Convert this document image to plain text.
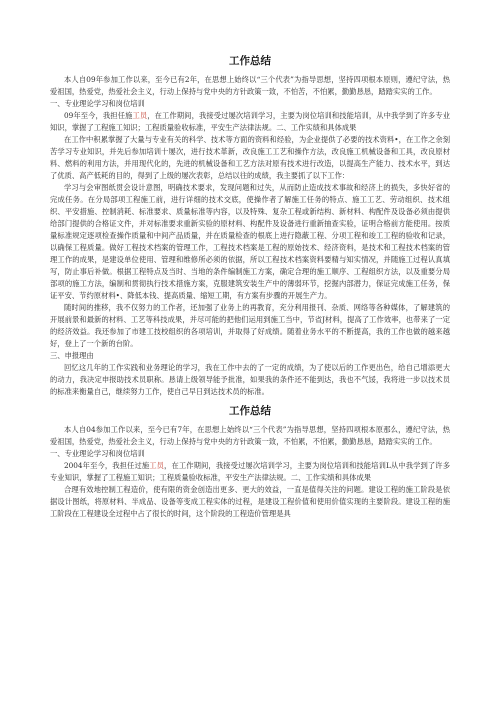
工作总结

本人自09年参加工作以来，至今已有2年，在思想上始终以“三个代表”为指导思想，坚持四项根本原则，遵纪守法，热爱祖国，热爱党，热爱社会主义，行动上保持与党中央的方针政策一致，不怕苦，不怕累，勤勤恳恳，踏踏实实的工作。

一、专业理论学习和岗位培训

09年至今，我担任施工员，在工作期间，我接受过屡次培训学习，主要为岗位培训和技能培训，从中我学到了许多专业知识，掌握了工程施工知识；工程质量验收标准，平安生产法律法规。二、工作实绩和具体成果

在工作中积累掌握了大量与专业有关的科学、技术等方面的资料和经验，为企业提供了必要的技术资料•，在工作之余刻苦学习专业知识，并先后参加培训十屡次，进行技术革新，改良施工工艺和操作方法，改良施工机械设备和工具，改良原材料、燃料的利用方法，并用现代化的，先进的机械设备和工艺方法对原有技术进行改造，以提高生产能力、技术水平，到达了优质、高产低耗的目的，得到了上级的屡次表彰，总结以往的成绩，我主要抓了以下工作：

学习与会审图纸贯会设计意图，明确技术要求，发现问题和过失，从而防止造成技术事故和经济上的损失，多快好省的完成任务。在分局部项工程施工前，进行详细的技术交底，使操作者了解施工任务的特点、施工工艺、劳动组织、技术组织、平安措施、控制消耗、标准要求、质量标准等内容，以及特殊、复杂工程或新结构、新材料、构配件及设备必须由提供给部门提供的合格证文件，并对标准要求重新实验的原材料、构配件及设备进行重新抽查实验，证明合格前方能使用。按质量标准规定逐项检查操作质量和中间产品质量，并在质量检查的根底上进行隐蔽工程、分项工程和竣工工程的验收和记录，以确保工程质量。做好工程技术档案的管理工作，工程技术档案是工程的原始技术、经济资料，是技术和工程技术档案的管理工作的成果，是建设单位使用、管理和维修所必须的依据，所以工程技术档案资料要精与知实情况，并随施工过程认真填写，防止事后补做。根据工程特点及当时、当地的条件编制施工方案，确定合理的施工顺序、工程组织方法，以及重要分局部项的施工方法，编制和贯彻执行技术措施方案，克服建筑安装生产中的薄弱环节，挖掘内部潜力，保证完成施工任务，保证平安、节约原材料•、降低本钱、提高质量、缩短工期，有方案有步骤的开展生产力。

随时间的推移，我不仅努力的工作者，还加强了业务上的再教育，充分利用报刊、杂质、网络等各种媒体，了解建筑的开展前景和最新的材料、工艺等科技成果，并尽可能的把他们运用到施工当中，节省J材料，提高了工作效率，也带来了一定的经济效益。我还参加了市建工技校组织的各项培训，并取得了好成绩。随着业务水平的不断提高，我的工作也做的越来越好，登上了一个新的台阶。

三、申报理由

回忆这几年的工作实践和业务理论的学习，我在工作中去的了一定的成绩，为了使以后的工作更出色，给自己增添更大的动力，我决定申报助技术员职称。恳请上级领导能予批准，如果我的条件还不能到达，我也不气馁，我将进一步以技术员的标准来衡量自己，继续努力工作，使自己早日到达技术员的标准。

工作总结

本人自04参加工作以来，至今已有7年，在思想上始终以“三个代表”为指导思想，坚持四项根本原那么，遵纪守法，热爱祖国，热爱党，热爱社会主义，行动上保持与党中央的方针政策一致，不怕累，不怕累，勤勤恳恳，踏踏实实的工作。

一、专业理论学习和岗位培训

2004年至今，我担任过施工员，在工作期间，我接受过屡次培训学习，主要为岗位培训和技能培训L从中我学到了许多专业知识，掌握了工程施工知识；工程质量验收标准，平安生产法律法规。二、工作实绩和具体成果

合理有效地控制工程造价，使有限的资金创造出更多、更大的效益，一直是值得关注的问题。建设工程的施工阶段是依据设计图纸，将原材料、半成品、设备等变成工程实体的过程，是建设工程价值和使用价值实现的主要阶段。建设工程的施工阶段在工程建设全过程中占了很长的时间，这个阶段的工程造价管理是具
